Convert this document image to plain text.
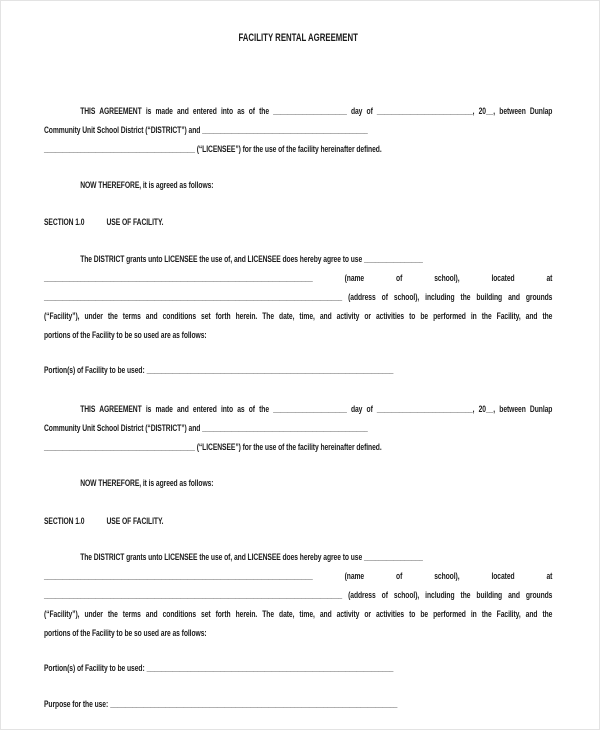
FACILITY RENTAL AGREEMENT
THIS AGREEMENT is made and entered into as of the ____________________ day of __________________________, 20__, between Dunlap
Community Unit School District (“DISTRICT”) and _____________________________________________
_________________________________________ (“LICENSEE”) for the use of the facility hereinafter defined.
NOW THEREFORE, it is agreed as follows:
SECTION 1.0 USE OF FACILITY.
The DISTRICT grants unto LICENSEE the use of, and LICENSEE does hereby agree to use ________________
_________________________________________________________________________ (name of school), located at
_________________________________________________________________________________ (address of school), including the building and grounds
(“Facility”), under the terms and conditions set forth herein. The date, time, and activity or activities to be performed in the Facility, and the
portions of the Facility to be so used are as follows:
Portion(s) of Facility to be used: ___________________________________________________________________
THIS AGREEMENT is made and entered into as of the ____________________ day of __________________________, 20__, between Dunlap
Community Unit School District (“DISTRICT”) and _____________________________________________
_________________________________________ (“LICENSEE”) for the use of the facility hereinafter defined.
NOW THEREFORE, it is agreed as follows:
SECTION 1.0 USE OF FACILITY.
The DISTRICT grants unto LICENSEE the use of, and LICENSEE does hereby agree to use ________________
_________________________________________________________________________ (name of school), located at
_________________________________________________________________________________ (address of school), including the building and grounds
(“Facility”), under the terms and conditions set forth herein. The date, time, and activity or activities to be performed in the Facility, and the
portions of the Facility to be so used are as follows:
Portion(s) of Facility to be used: ___________________________________________________________________
Purpose for the use: ______________________________________________________________________________
